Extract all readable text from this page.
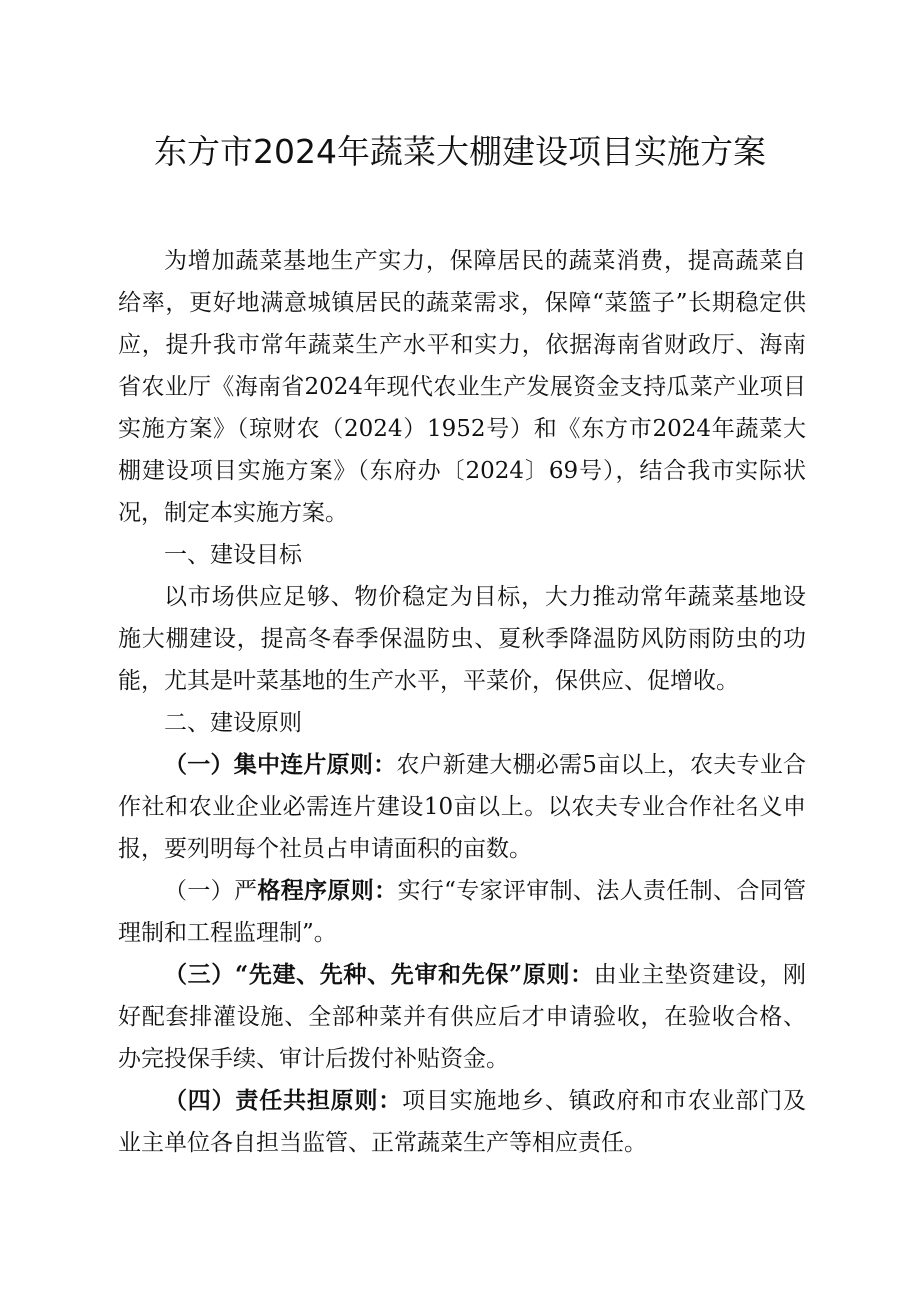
东方市2024年蔬菜大棚建设项目实施方案

为增加蔬菜基地生产实力，保障居民的蔬菜消费，提高蔬菜自给率，更好地满意城镇居民的蔬菜需求，保障“菜篮子”长期稳定供应，提升我市常年蔬菜生产水平和实力，依据海南省财政厅、海南省农业厅《海南省2024年现代农业生产发展资金支持瓜菜产业项目实施方案》（琼财农（2024）1952号）和《东方市2024年蔬菜大棚建设项目实施方案》（东府办〔2024〕69号），结合我市实际状况，制定本实施方案。

一、建设目标

以市场供应足够、物价稳定为目标，大力推动常年蔬菜基地设施大棚建设，提高冬春季保温防虫、夏秋季降温防风防雨防虫的功能，尤其是叶菜基地的生产水平，平菜价，保供应、促增收。

二、建设原则

（一）集中连片原则：农户新建大棚必需5亩以上，农夫专业合作社和农业企业必需连片建设10亩以上。以农夫专业合作社名义申报，要列明每个社员占申请面积的亩数。

（一）严格程序原则：实行“专家评审制、法人责任制、合同管理制和工程监理制”。

（三）“先建、先种、先审和先保”原则：由业主垫资建设，刚好配套排灌设施、全部种菜并有供应后才申请验收，在验收合格、办完投保手续、审计后拨付补贴资金。

（四）责任共担原则：项目实施地乡、镇政府和市农业部门及业主单位各自担当监管、正常蔬菜生产等相应责任。
